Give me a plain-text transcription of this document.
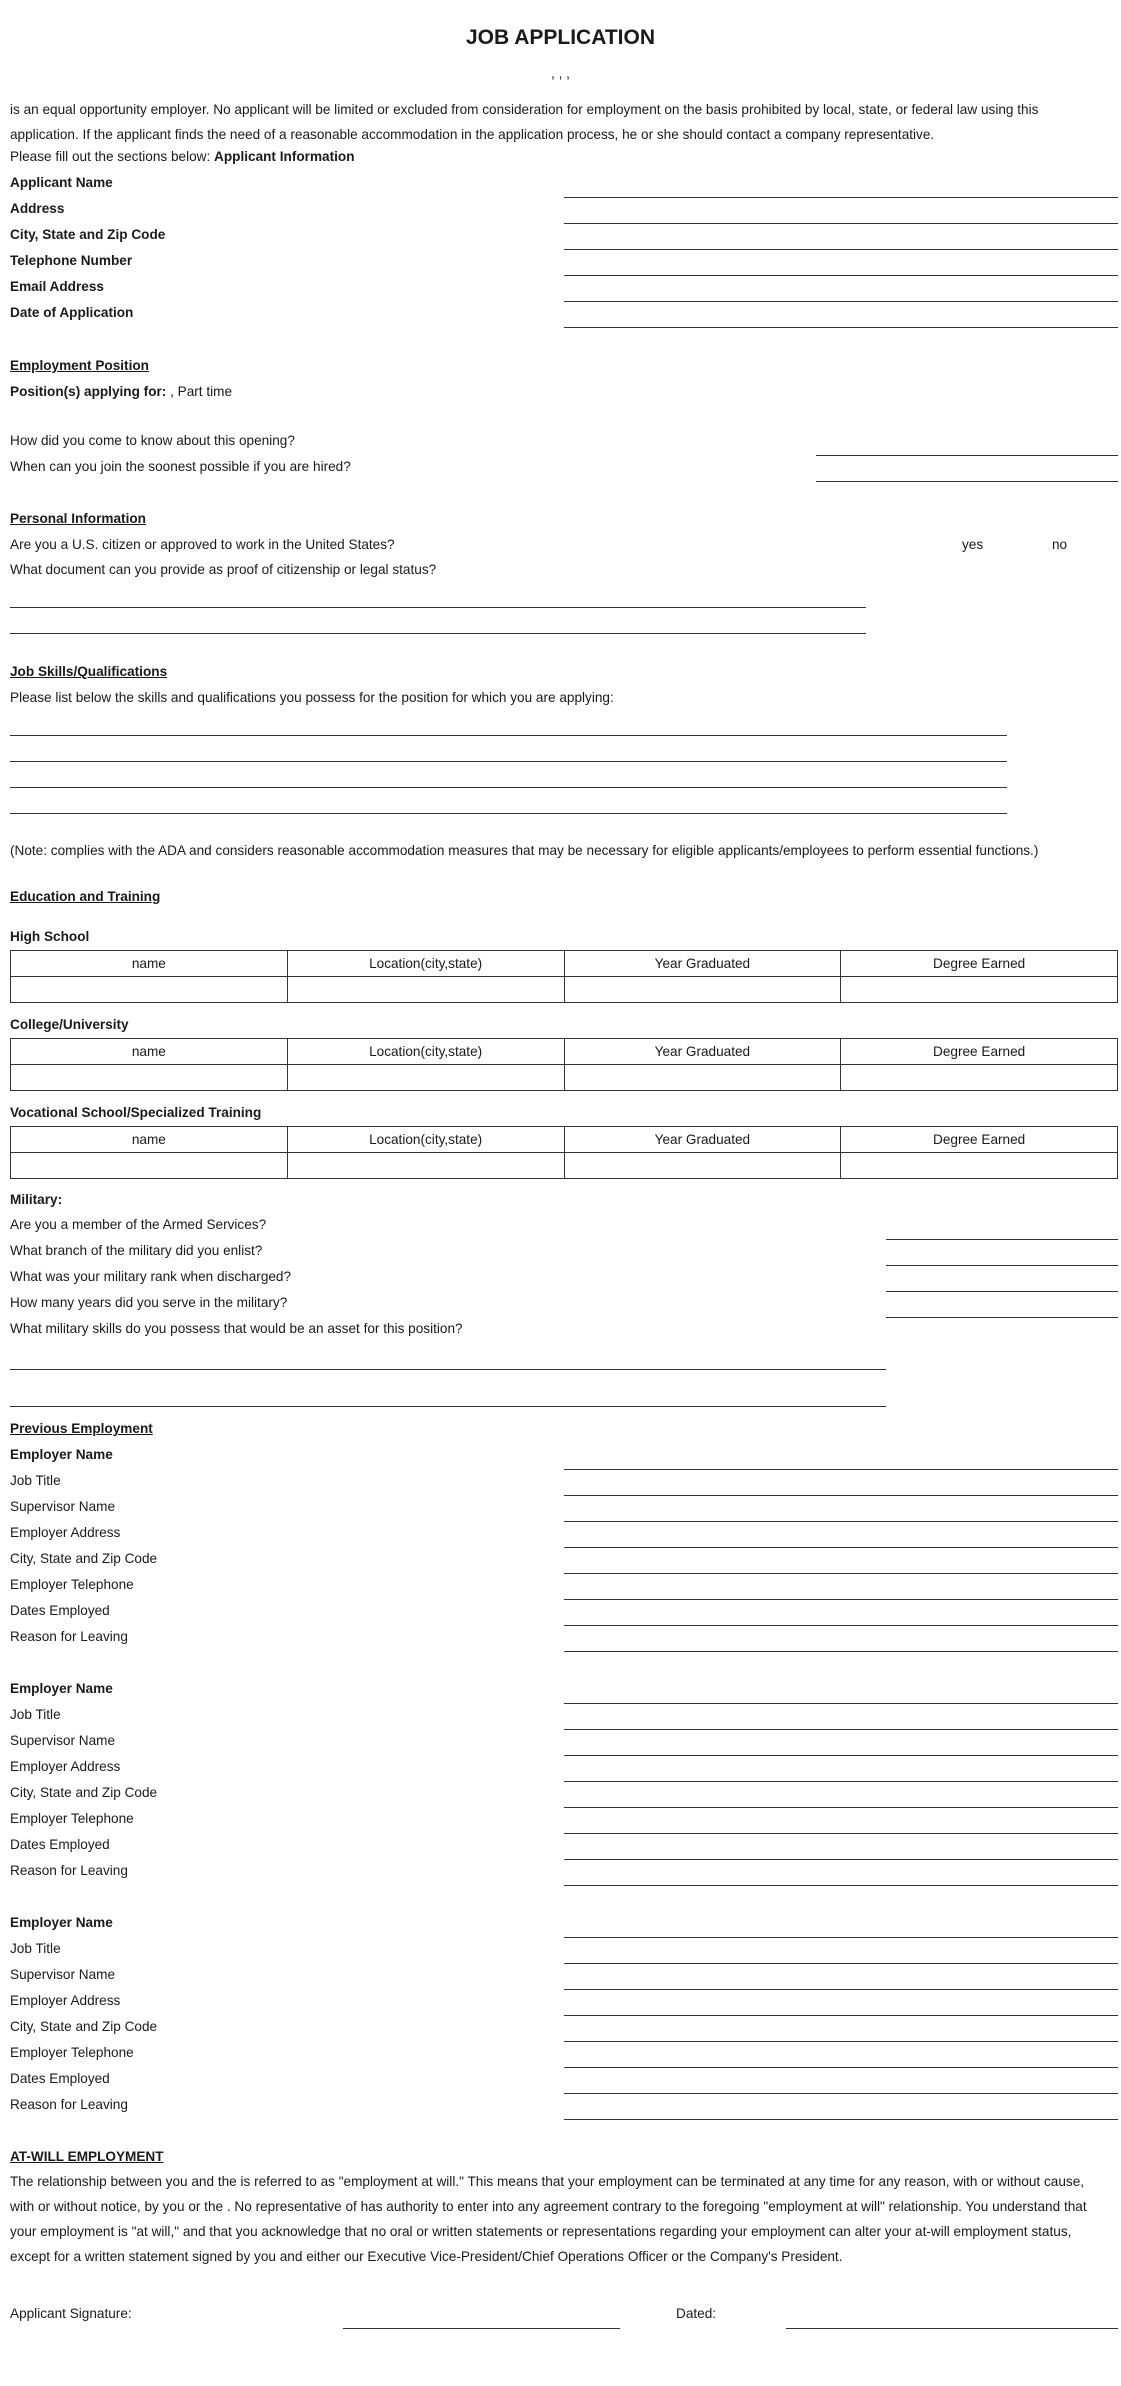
JOB APPLICATION
, , ,
is an equal opportunity employer. No applicant will be limited or excluded from consideration for employment on the basis prohibited by local, state, or federal law using this application. If the applicant finds the need of a reasonable accommodation in the application process, he or she should contact a company representative.
Please fill out the sections below: Applicant Information
Applicant Name
Address
City, State and Zip Code
Telephone Number
Email Address
Date of Application
Employment Position
Position(s) applying for: , Part time
How did you come to know about this opening?
When can you join the soonest possible if you are hired?
Personal Information
Are you a U.S. citizen or approved to work in the United States?	yes	no
What document can you provide as proof of citizenship or legal status?
Job Skills/Qualifications
Please list below the skills and qualifications you possess for the position for which you are applying:
(Note: complies with the ADA and considers reasonable accommodation measures that may be necessary for eligible applicants/employees to perform essential functions.)
Education and Training
High School
name	Location(city,state)	Year Graduated	Degree Earned

College/University
name	Location(city,state)	Year Graduated	Degree Earned

Vocational School/Specialized Training
name	Location(city,state)	Year Graduated	Degree Earned

Military:
Are you a member of the Armed Services?
What branch of the military did you enlist?
What was your military rank when discharged?
How many years did you serve in the military?
What military skills do you possess that would be an asset for this position?
Previous Employment
Employer Name
Job Title
Supervisor Name
Employer Address
City, State and Zip Code
Employer Telephone
Dates Employed
Reason for Leaving
Employer Name
Job Title
Supervisor Name
Employer Address
City, State and Zip Code
Employer Telephone
Dates Employed
Reason for Leaving
Employer Name
Job Title
Supervisor Name
Employer Address
City, State and Zip Code
Employer Telephone
Dates Employed
Reason for Leaving
AT-WILL EMPLOYMENT
The relationship between you and the is referred to as "employment at will." This means that your employment can be terminated at any time for any reason, with or without cause, with or without notice, by you or the . No representative of has authority to enter into any agreement contrary to the foregoing "employment at will" relationship. You understand that your employment is "at will," and that you acknowledge that no oral or written statements or representations regarding your employment can alter your at-will employment status, except for a written statement signed by you and either our Executive Vice-President/Chief Operations Officer or the Company's President.
Applicant Signature:	Dated:
